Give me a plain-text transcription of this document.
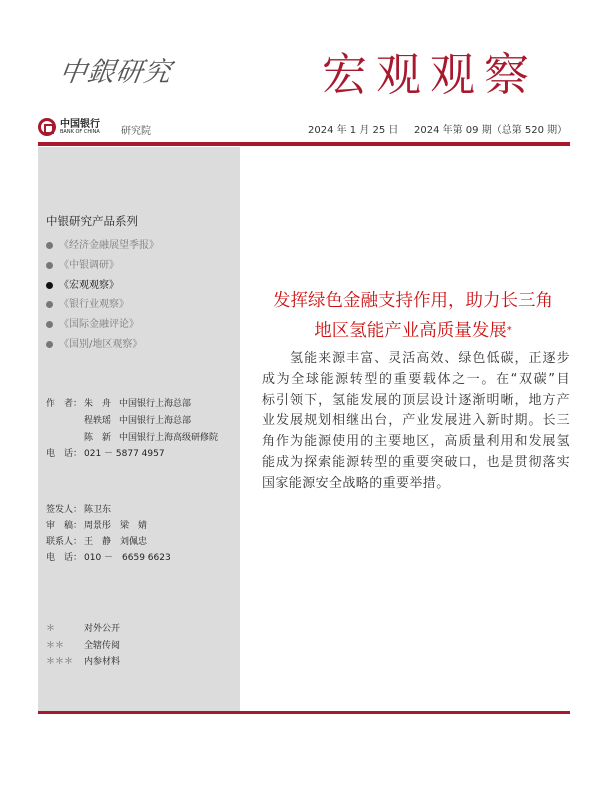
中銀研究	宏观观察
中国银行
BANK OF CHINA 研究院	2024 年 1 月 25 日 2024 年第 09 期（总第 520 期）
中银研究产品系列
《经济金融展望季报》
《中银调研》
《宏观观察》
《银行业观察》
《国际金融评论》
《国别/地区观察》
作　者： 朱　舟 中国银行上海总部
程轶瑶 中国银行上海总部
陈　新 中国银行上海高级研修院
电　话： 021 － 5877 4957
签发人： 陈卫东
审　稿： 周景彤　梁　婧
联系人： 王　静　刘佩忠
电　话： 010 －　6659 6623
＊	对外公开
＊＊ 全辖传阅
＊＊＊ 内参材料
发挥绿色金融支持作用，助力长三角
地区氢能产业高质量发展*
　　氢能来源丰富、灵活高效、绿色低碳，正逐步
成为全球能源转型的重要载体之一。在“双碳”目
标引领下，氢能发展的顶层设计逐渐明晰，地方产
业发展规划相继出台，产业发展进入新时期。长三
角作为能源使用的主要地区，高质量利用和发展氢
能成为探索能源转型的重要突破口，也是贯彻落实
国家能源安全战略的重要举措。
